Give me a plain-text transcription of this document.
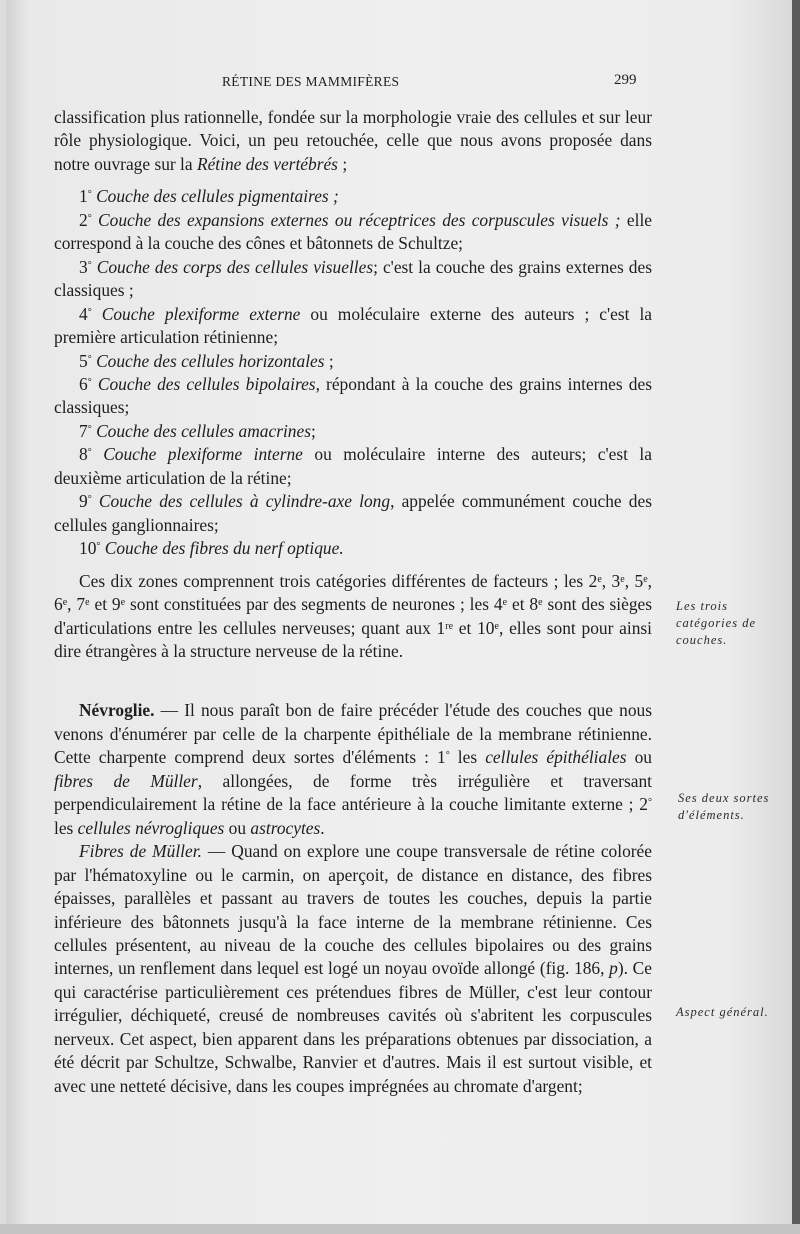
RÉTINE DES MAMMIFÈRES	299

classification plus rationnelle, fondée sur la morphologie vraie des cellules et sur leur rôle physiologique. Voici, un peu retouchée, celle que nous avons proposée dans notre ouvrage sur la Rétine des vertébrés ;

1° Couche des cellules pigmentaires ;

2° Couche des expansions externes ou réceptrices des corpuscules visuels ; elle correspond à la couche des cônes et bâtonnets de Schultze;

3° Couche des corps des cellules visuelles; c'est la couche des grains externes des classiques ;

4° Couche plexiforme externe ou moléculaire externe des auteurs ; c'est la première articulation rétinienne;

5° Couche des cellules horizontales ;

6° Couche des cellules bipolaires, répondant à la couche des grains internes des classiques;

7° Couche des cellules amacrines;

8° Couche plexiforme interne ou moléculaire interne des auteurs; c'est la deuxième articulation de la rétine;

9° Couche des cellules à cylindre-axe long, appelée communément couche des cellules ganglionnaires;

10° Couche des fibres du nerf optique.

Ces dix zones comprennent trois catégories différentes de facteurs ; les 2e, 3e, 5e, 6e, 7e et 9e sont constituées par des segments de neurones ; les 4e et 8e sont des sièges d'articulations entre les cellules nerveuses; quant aux 1re et 10e, elles sont pour ainsi dire étrangères à la structure nerveuse de la rétine.

Névroglie. — Il nous paraît bon de faire précéder l'étude des couches que nous venons d'énumérer par celle de la charpente épithéliale de la membrane rétinienne. Cette charpente comprend deux sortes d'éléments : 1° les cellules épithéliales ou fibres de Müller, allongées, de forme très irrégulière et traversant perpendiculairement la rétine de la face antérieure à la couche limitante externe ; 2° les cellules névrogliques ou astrocytes.

Fibres de Müller. — Quand on explore une coupe transversale de rétine colorée par l'hématoxyline ou le carmin, on aperçoit, de distance en distance, des fibres épaisses, parallèles et passant au travers de toutes les couches, depuis la partie inférieure des bâtonnets jusqu'à la face interne de la membrane rétinienne. Ces cellules présentent, au niveau de la couche des cellules bipolaires ou des grains internes, un renflement dans lequel est logé un noyau ovoïde allongé (fig. 186, p). Ce qui caractérise particulièrement ces prétendues fibres de Müller, c'est leur contour irrégulier, déchiqueté, creusé de nombreuses cavités où s'abritent les corpuscules nerveux. Cet aspect, bien apparent dans les préparations obtenues par dissociation, a été décrit par Schultze, Schwalbe, Ranvier et d'autres. Mais il est surtout visible, et avec une netteté décisive, dans les coupes imprégnées au chromate d'argent;

Les trois catégories de couches.
Ses deux sortes d'éléments.
Aspect général.
